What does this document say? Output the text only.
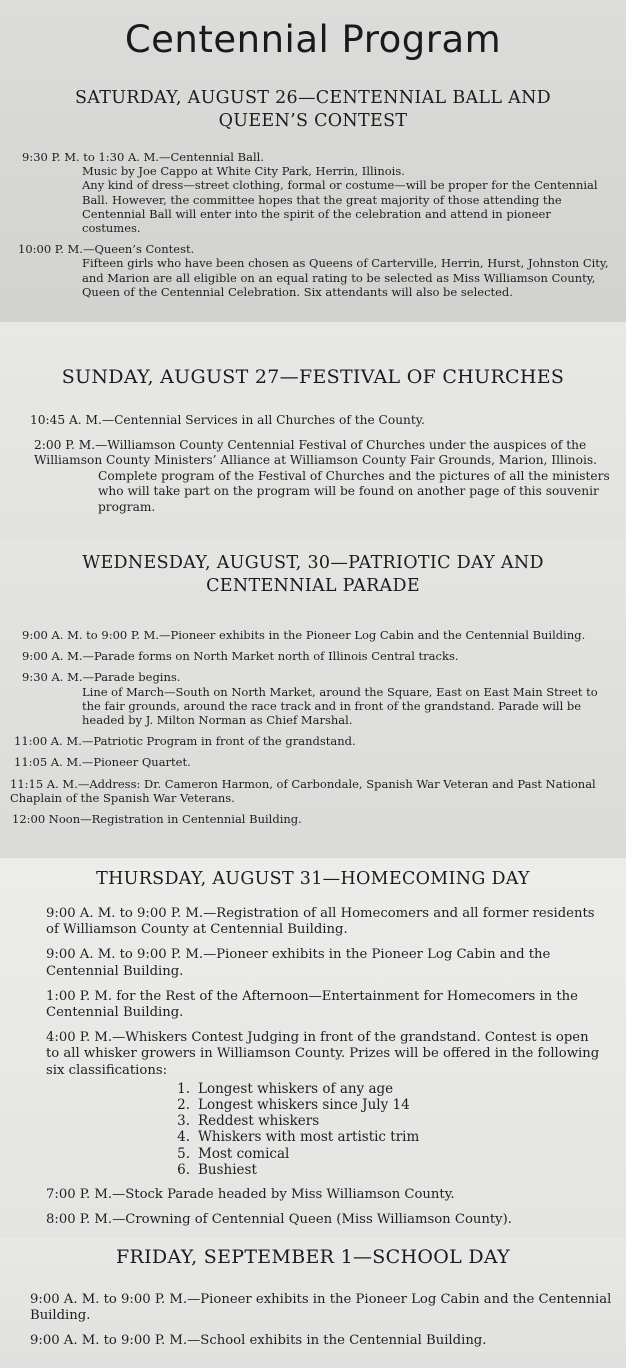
Centennial Program
SATURDAY, AUGUST 26—CENTENNIAL BALL AND
QUEEN’S CONTEST
9:30 P. M. to 1:30 A. M.—Centennial Ball.
Music by Joe Cappo at White City Park, Herrin, Illinois.
Any kind of dress—street clothing, formal or costume—will be proper for the Centennial Ball. However, the committee hopes that the great majority of those attending the Centennial Ball will enter into the spirit of the celebration and attend in pioneer costumes.
10:00 P. M.—Queen’s Contest.
Fifteen girls who have been chosen as Queens of Carterville, Herrin, Hurst, Johnston City, and Marion are all eligible on an equal rating to be selected as Miss Williamson County, Queen of the Centennial Celebration. Six attendants will also be selected.
SUNDAY, AUGUST 27—FESTIVAL OF CHURCHES
10:45 A. M.—Centennial Services in all Churches of the County.
2:00 P. M.—Williamson County Centennial Festival of Churches under the auspices of the Williamson County Ministers’ Alliance at Williamson County Fair Grounds, Marion, Illinois.
Complete program of the Festival of Churches and the pictures of all the ministers who will take part on the program will be found on another page of this souvenir program.
WEDNESDAY, AUGUST, 30—PATRIOTIC DAY AND
CENTENNIAL PARADE
9:00 A. M. to 9:00 P. M.—Pioneer exhibits in the Pioneer Log Cabin and the Centennial Building.
9:00 A. M.—Parade forms on North Market north of Illinois Central tracks.
9:30 A. M.—Parade begins.
Line of March—South on North Market, around the Square, East on East Main Street to the fair grounds, around the race track and in front of the grandstand. Parade will be headed by J. Milton Norman as Chief Marshal.
11:00 A. M.—Patriotic Program in front of the grandstand.
11:05 A. M.—Pioneer Quartet.
11:15 A. M.—Address: Dr. Cameron Harmon, of Carbondale, Spanish War Veteran and Past National Chaplain of the Spanish War Veterans.
12:00 Noon—Registration in Centennial Building.
THURSDAY, AUGUST 31—HOMECOMING DAY
9:00 A. M. to 9:00 P. M.—Registration of all Homecomers and all former residents of Williamson County at Centennial Building.
9:00 A. M. to 9:00 P. M.—Pioneer exhibits in the Pioneer Log Cabin and the Centennial Building.
1:00 P. M. for the Rest of the Afternoon—Entertainment for Homecomers in the Centennial Building.
4:00 P. M.—Whiskers Contest Judging in front of the grandstand. Contest is open to all whisker growers in Williamson County. Prizes will be offered in the following six classifications:
1. Longest whiskers of any age
2. Longest whiskers since July 14
3. Reddest whiskers
4. Whiskers with most artistic trim
5. Most comical
6. Bushiest
7:00 P. M.—Stock Parade headed by Miss Williamson County.
8:00 P. M.—Crowning of Centennial Queen (Miss Williamson County).
FRIDAY, SEPTEMBER 1—SCHOOL DAY
9:00 A. M. to 9:00 P. M.—Pioneer exhibits in the Pioneer Log Cabin and the Centennial Building.
9:00 A. M. to 9:00 P. M.—School exhibits in the Centennial Building.
